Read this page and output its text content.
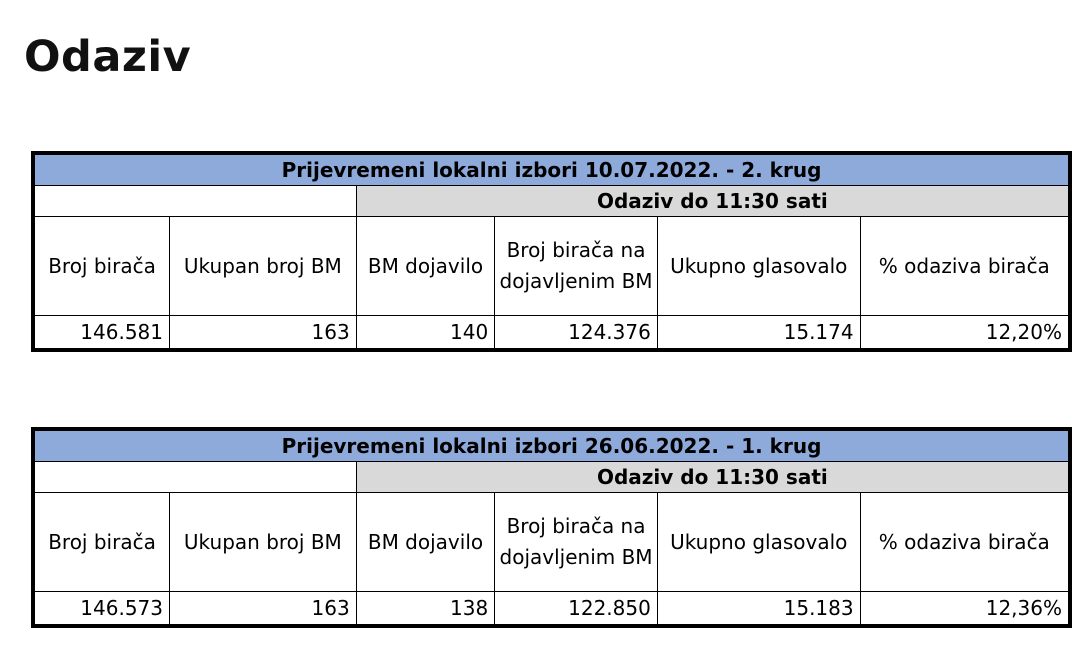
Odaziv
Prijevremeni lokalni izbori 10.07.2022. - 2. krug					
		Odaziv do 11:30 sati			
Broj birača	Ukupan broj BM	BM dojavilo	Broj birača na dojavljenim BM	Ukupno glasovalo	% odaziva birača
146.581	163	140	124.376	15.174	12,20%
Prijevremeni lokalni izbori 26.06.2022. - 1. krug					
		Odaziv do 11:30 sati			
Broj birača	Ukupan broj BM	BM dojavilo	Broj birača na dojavljenim BM	Ukupno glasovalo	% odaziva birača
146.573	163	138	122.850	15.183	12,36%
